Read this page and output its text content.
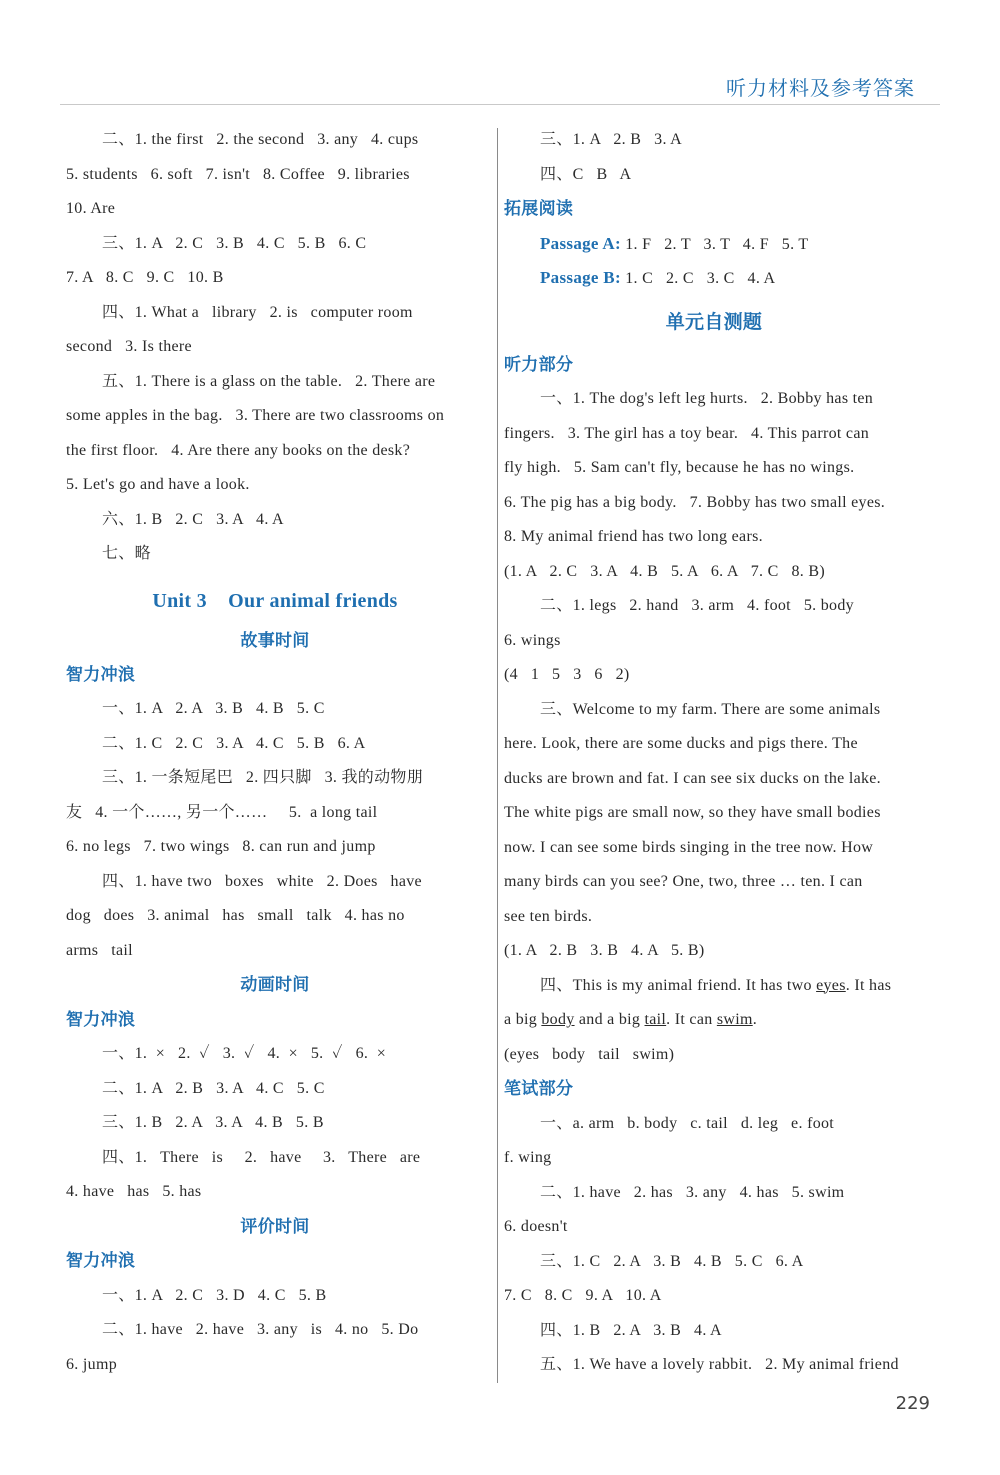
听力材料及参考答案
二、1. the first   2. the second   3. any   4. cups
5. students   6. soft   7. isn't   8. Coffee   9. libraries
10. Are
三、1. A   2. C   3. B   4. C   5. B   6. C
7. A   8. C   9. C   10. B
四、1. What a   library   2. is   computer room
second   3. Is there
五、1. There is a glass on the table.   2. There are
some apples in the bag.   3. There are two classrooms on
the first floor.   4. Are there any books on the desk?
5. Let's go and have a look.
六、1. B   2. C   3. A   4. A
七、略
Unit 3    Our animal friends
故事时间
智力冲浪
一、1. A   2. A   3. B   4. B   5. C
二、1. C   2. C   3. A   4. C   5. B   6. A
三、1. 一条短尾巴   2. 四只脚   3. 我的动物朋
友   4. 一个……, 另一个……     5.  a long tail
6. no legs   7. two wings   8. can run and jump
四、1. have two   boxes   white   2. Does   have
dog   does   3. animal   has   small   talk   4. has no
arms   tail
动画时间
智力冲浪
一、1.  ×   2.  ✓   3.  ✓   4.  ×   5.  ✓   6.  ×
二、1. A   2. B   3. A   4. C   5. C
三、1. B   2. A   3. A   4. B   5. B
四、1.   There   is     2.   have     3.   There   are
4. have   has   5. has
评价时间
智力冲浪
一、1. A   2. C   3. D   4. C   5. B
二、1. have   2. have   3. any   is   4. no   5. Do
6. jump
三、1. A   2. B   3. A
四、C   B   A
拓展阅读
Passage A: 1. F   2. T   3. T   4. F   5. T
Passage B: 1. C   2. C   3. C   4. A
单元自测题
听力部分
一、1. The dog's left leg hurts.   2. Bobby has ten
fingers.   3. The girl has a toy bear.   4. This parrot can
fly high.   5. Sam can't fly, because he has no wings.
6. The pig has a big body.   7. Bobby has two small eyes.
8. My animal friend has two long ears.
(1. A   2. C   3. A   4. B   5. A   6. A   7. C   8. B)
二、1. legs   2. hand   3. arm   4. foot   5. body
6. wings
(4   1   5   3   6   2)
三、Welcome to my farm. There are some animals
here. Look, there are some ducks and pigs there. The
ducks are brown and fat. I can see six ducks on the lake.
The white pigs are small now, so they have small bodies
now. I can see some birds singing in the tree now. How
many birds can you see? One, two, three … ten. I can
see ten birds.
(1. A   2. B   3. B   4. A   5. B)
四、This is my animal friend. It has two eyes. It has
a big body and a big tail. It can swim.
(eyes   body   tail   swim)
笔试部分
一、a. arm   b. body   c. tail   d. leg   e. foot
f. wing
二、1. have   2. has   3. any   4. has   5. swim
6. doesn't
三、1. C   2. A   3. B   4. B   5. C   6. A
7. C   8. C   9. A   10. A
四、1. B   2. A   3. B   4. A
五、1. We have a lovely rabbit.   2. My animal friend
229
